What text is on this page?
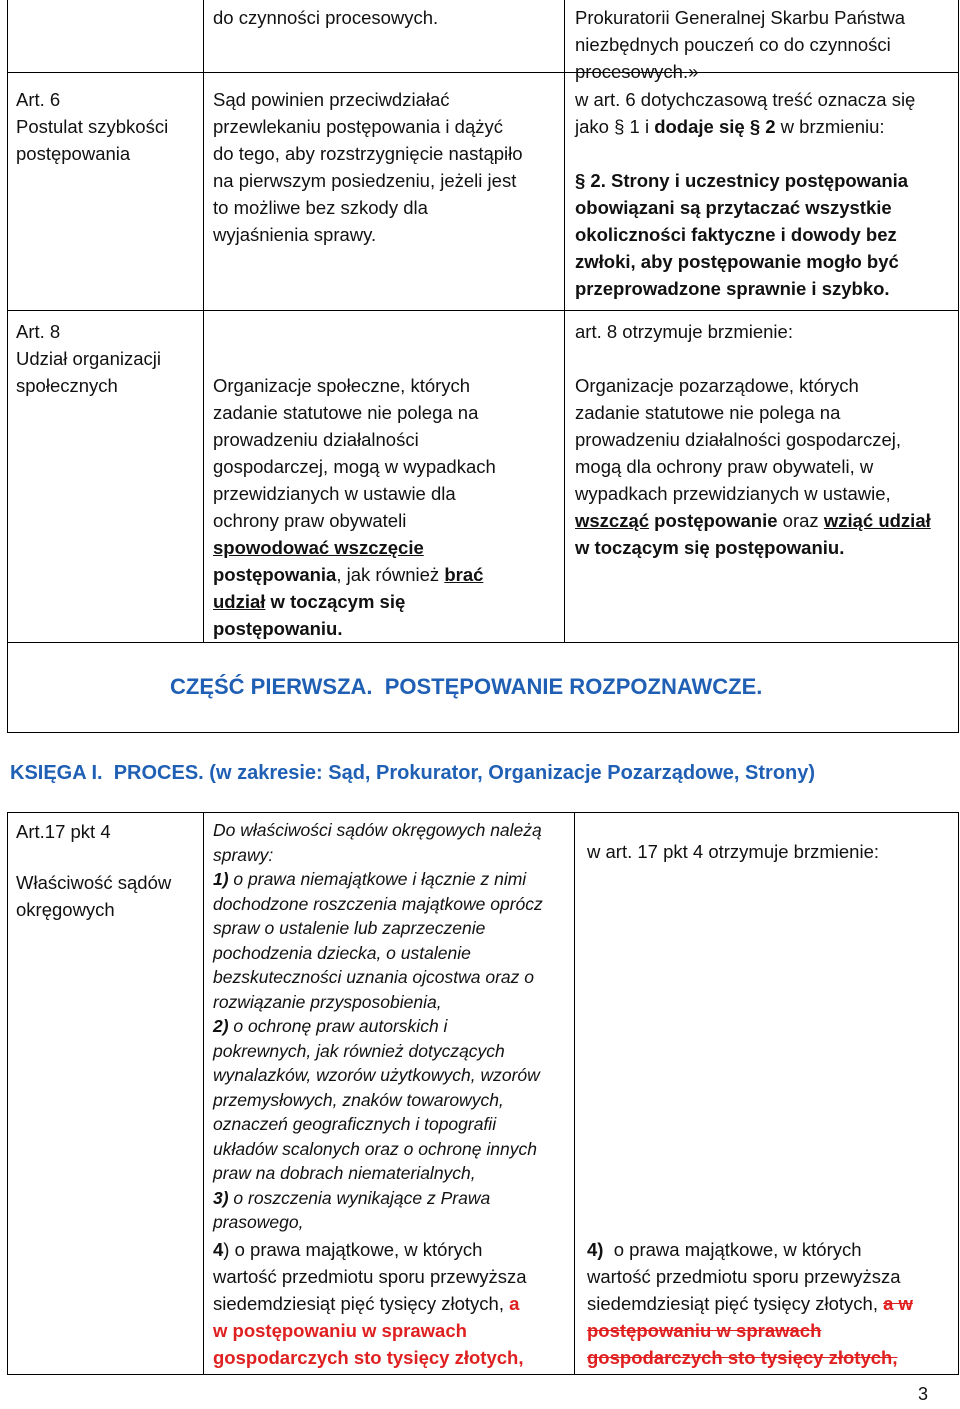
Art. 6
Postulat szybkości
postępowania
do czynności procesowych.
Sąd powinien przeciwdziałać
przewlekaniu postępowania i dążyć
do tego, aby rozstrzygnięcie nastąpiło
na pierwszym posiedzeniu, jeżeli jest
to możliwe bez szkody dla
wyjaśnienia sprawy.
Prokuratorii Generalnej Skarbu Państwa
niezbędnych pouczeń co do czynności
procesowych.»
w art. 6 dotychczasową treść oznacza się
jako § 1 i dodaje się § 2 w brzmieniu:
§ 2. Strony i uczestnicy postępowania
obowiązani są przytaczać wszystkie
okoliczności faktyczne i dowody bez
zwłoki, aby postępowanie mogło być
przeprowadzone sprawnie i szybko.
Art. 8
Udział organizacji
społecznych	Organizacje społeczne, których
zadanie statutowe nie polega na
prowadzeniu działalności
gospodarczej, mogą w wypadkach
przewidzianych w ustawie dla
ochrony praw obywateli
spowodować wszczęcie
postępowania, jak również brać
udział w toczącym się
postępowaniu.
art. 8 otrzymuje brzmienie:
Organizacje pozarządowe, których
zadanie statutowe nie polega na
prowadzeniu działalności gospodarczej,
mogą dla ochrony praw obywateli, w
wypadkach przewidzianych w ustawie,
wszcząć postępowanie oraz wziąć udział
w toczącym się postępowaniu.
CZĘŚĆ PIERWSZA.  POSTĘPOWANIE ROZPOZNAWCZE.
KSIĘGA I.  PROCES. (w zakresie: Sąd, Prokurator, Organizacje Pozarządowe, Strony)
Art.17 pkt 4
Właściwość sądów
okręgowych
Do właściwości sądów okręgowych należą
sprawy:
1) o prawa niemajątkowe i łącznie z nimi
dochodzone roszczenia majątkowe oprócz
spraw o ustalenie lub zaprzeczenie
pochodzenia dziecka, o ustalenie
bezskuteczności uznania ojcostwa oraz o
rozwiązanie przysposobienia,
2) o ochronę praw autorskich i
pokrewnych, jak również dotyczących
wynalazków, wzorów użytkowych, wzorów
przemysłowych, znaków towarowych,
oznaczeń geograficznych i topografii
układów scalonych oraz o ochronę innych
praw na dobrach niematerialnych,
3) o roszczenia wynikające z Prawa
prasowego,
4) o prawa majątkowe, w których
wartość przedmiotu sporu przewyższa
siedemdziesiąt pięć tysięcy złotych, a
w postępowaniu w sprawach
gospodarczych sto tysięcy złotych,
w art. 17 pkt 4 otrzymuje brzmienie:
4)  o prawa majątkowe, w których
wartość przedmiotu sporu przewyższa
siedemdziesiąt pięć tysięcy złotych, a w
postępowaniu w sprawach
gospodarczych sto tysięcy złotych,
3
